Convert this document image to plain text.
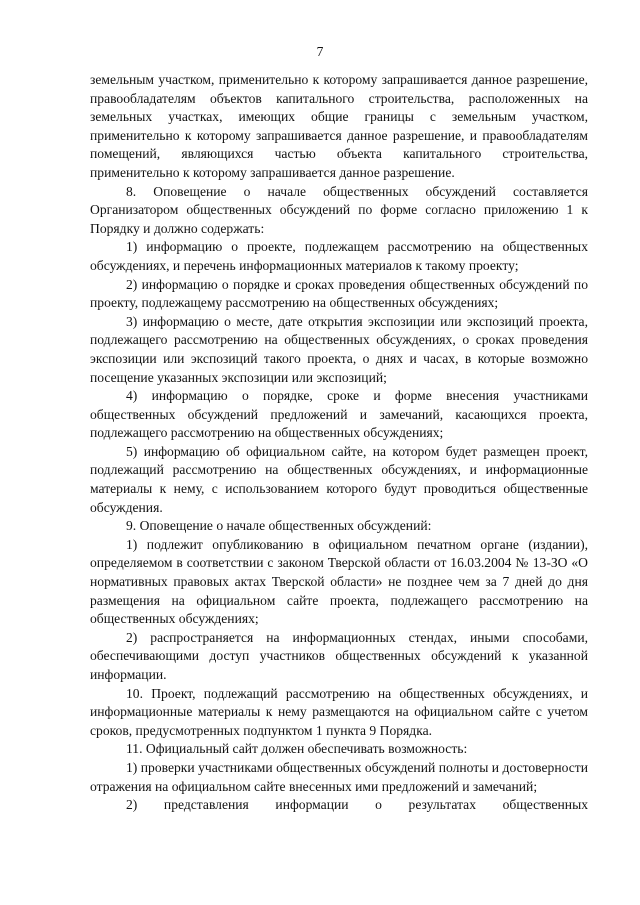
7

земельным участком, применительно к которому запрашивается данное разрешение, правообладателям объектов капитального строительства, расположенных на земельных участках, имеющих общие границы с земельным участком, применительно к которому запрашивается данное разрешение, и правообладателям помещений, являющихся частью объекта капитального строительства, применительно к которому запрашивается данное разрешение.

8. Оповещение о начале общественных обсуждений составляется Организатором общественных обсуждений по форме согласно приложению 1 к Порядку и должно содержать:

1) информацию о проекте, подлежащем рассмотрению на общественных обсуждениях, и перечень информационных материалов к такому проекту;

2) информацию о порядке и сроках проведения общественных обсуждений по проекту, подлежащему рассмотрению на общественных обсуждениях;

3) информацию о месте, дате открытия экспозиции или экспозиций проекта, подлежащего рассмотрению на общественных обсуждениях, о сроках проведения экспозиции или экспозиций такого проекта, о днях и часах, в которые возможно посещение указанных экспозиции или экспозиций;

4) информацию о порядке, сроке и форме внесения участниками общественных обсуждений предложений и замечаний, касающихся проекта, подлежащего рассмотрению на общественных обсуждениях;

5) информацию об официальном сайте, на котором будет размещен проект, подлежащий рассмотрению на общественных обсуждениях, и информационные материалы к нему, с использованием которого будут проводиться общественные обсуждения.

9. Оповещение о начале общественных обсуждений:

1) подлежит опубликованию в официальном печатном органе (издании), определяемом в соответствии с законом Тверской области от 16.03.2004 № 13-ЗО «О нормативных правовых актах Тверской области» не позднее чем за 7 дней до дня размещения на официальном сайте проекта, подлежащего рассмотрению на общественных обсуждениях;

2) распространяется на информационных стендах, иными способами, обеспечивающими доступ участников общественных обсуждений к указанной информации.

10. Проект, подлежащий рассмотрению на общественных обсуждениях, и информационные материалы к нему размещаются на официальном сайте с учетом сроков, предусмотренных подпунктом 1 пункта 9 Порядка.

11. Официальный сайт должен обеспечивать возможность:

1) проверки участниками общественных обсуждений полноты и достоверности отражения на официальном сайте внесенных ими предложений и замечаний;

2) представления информации о результатах общественных
